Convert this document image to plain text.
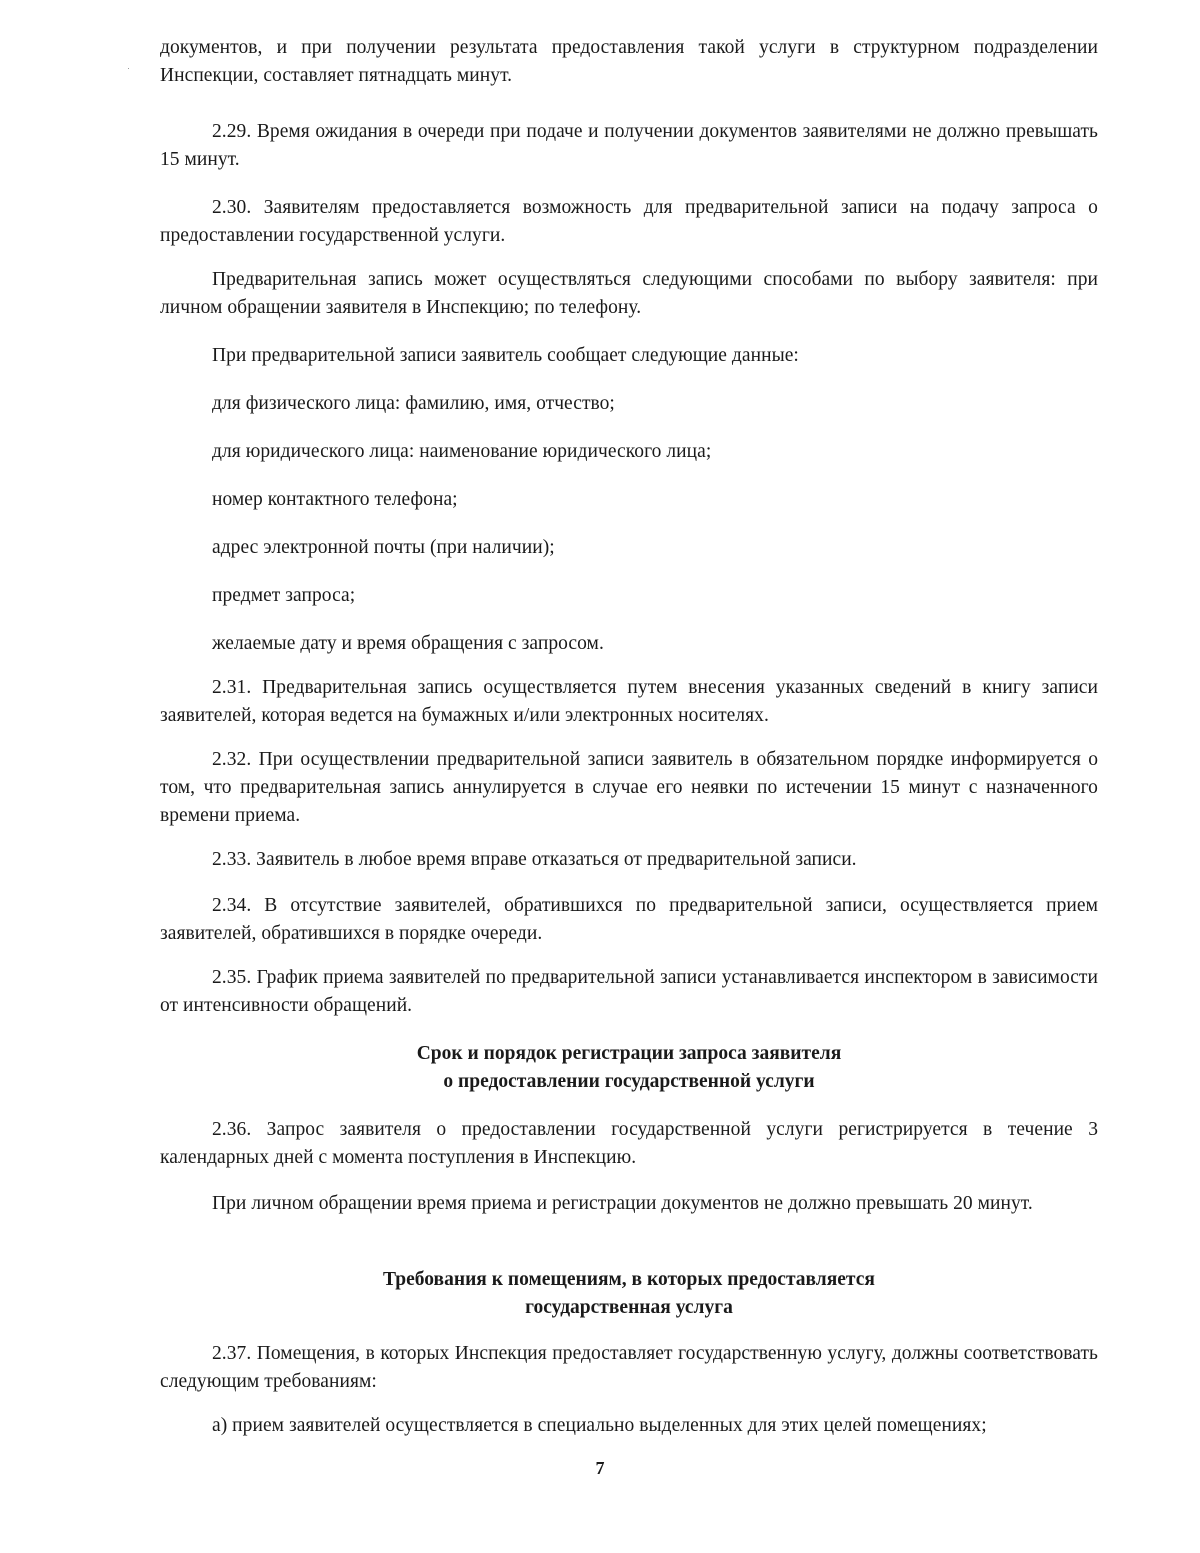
документов, и при получении результата предоставления такой услуги в структурном подразделении Инспекции, составляет пятнадцать минут.

2.29. Время ожидания в очереди при подаче и получении документов заявителями не должно превышать 15 минут.

2.30. Заявителям предоставляется возможность для предварительной записи на подачу запроса о предоставлении государственной услуги.

Предварительная запись может осуществляться следующими способами по выбору заявителя: при личном обращении заявителя в Инспекцию; по телефону.

При предварительной записи заявитель сообщает следующие данные:

для физического лица: фамилию, имя, отчество;

для юридического лица: наименование юридического лица;

номер контактного телефона;

адрес электронной почты (при наличии);

предмет запроса;

желаемые дату и время обращения с запросом.

2.31. Предварительная запись осуществляется путем внесения указанных сведений в книгу записи заявителей, которая ведется на бумажных и/или электронных носителях.

2.32. При осуществлении предварительной записи заявитель в обязательном порядке информируется о том, что предварительная запись аннулируется в случае его неявки по истечении 15 минут с назначенного времени приема.

2.33. Заявитель в любое время вправе отказаться от предварительной записи.

2.34. В отсутствие заявителей, обратившихся по предварительной записи, осуществляется прием заявителей, обратившихся в порядке очереди.

2.35. График приема заявителей по предварительной записи устанавливается инспектором в зависимости от интенсивности обращений.

Срок и порядок регистрации запроса заявителя
о предоставлении государственной услуги

2.36. Запрос заявителя о предоставлении государственной услуги регистрируется в течение 3 календарных дней с момента поступления в Инспекцию.

При личном обращении время приема и регистрации документов не должно превышать 20 минут.

Требования к помещениям, в которых предоставляется
государственная услуга

2.37. Помещения, в которых Инспекция предоставляет государственную услугу, должны соответствовать следующим требованиям:

а) прием заявителей осуществляется в специально выделенных для этих целей помещениях;

7
